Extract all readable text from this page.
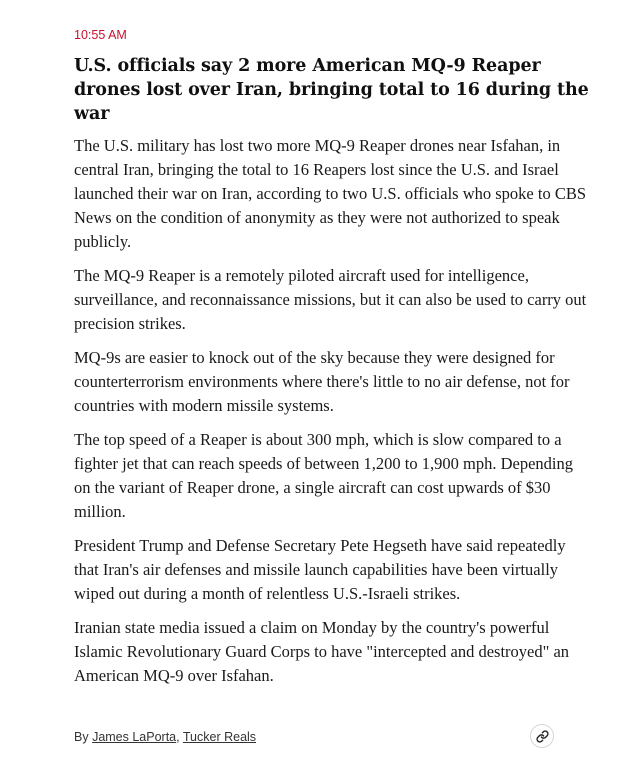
10:55 AM
U.S. officials say 2 more American MQ-9 Reaper drones lost over Iran, bringing total to 16 during the war

The U.S. military has lost two more MQ-9 Reaper drones near Isfahan, in central Iran, bringing the total to 16 Reapers lost since the U.S. and Israel launched their war on Iran, according to two U.S. officials who spoke to CBS News on the condition of anonymity as they were not authorized to speak publicly.

The MQ-9 Reaper is a remotely piloted aircraft used for intelligence, surveillance, and reconnaissance missions, but it can also be used to carry out precision strikes.

MQ-9s are easier to knock out of the sky because they were designed for counterterrorism environments where there's little to no air defense, not for countries with modern missile systems.

The top speed of a Reaper is about 300 mph, which is slow compared to a fighter jet that can reach speeds of between 1,200 to 1,900 mph. Depending on the variant of Reaper drone, a single aircraft can cost upwards of $30 million.

President Trump and Defense Secretary Pete Hegseth have said repeatedly that Iran's air defenses and missile launch capabilities have been virtually wiped out during a month of relentless U.S.-Israeli strikes.

Iranian state media issued a claim on Monday by the country's powerful Islamic Revolutionary Guard Corps to have "intercepted and destroyed" an American MQ-9 over Isfahan.

By James LaPorta, Tucker Reals
